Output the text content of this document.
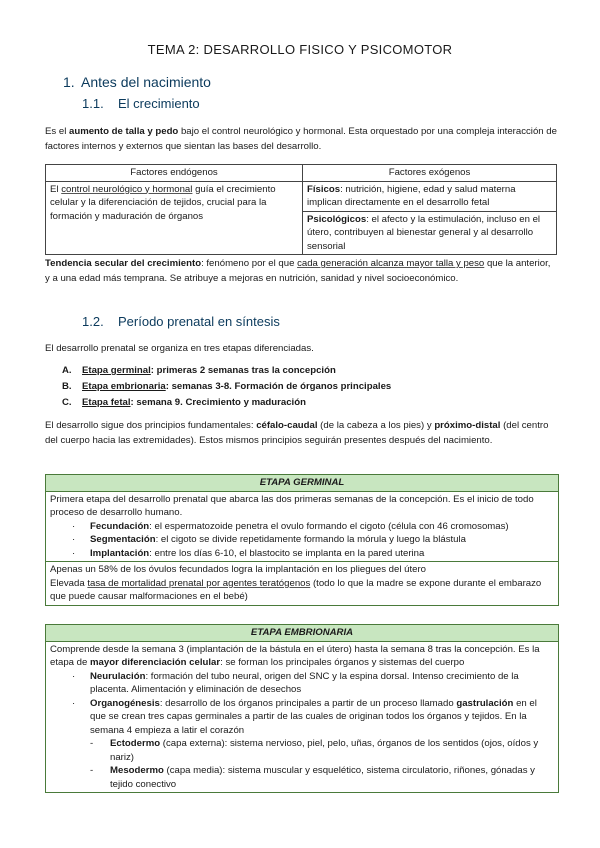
TEMA 2: DESARROLLO FISICO Y PSICOMOTOR
1. Antes del nacimiento
1.1. El crecimiento
Es el aumento de talla y pedo bajo el control neurológico y hormonal. Esta orquestado por una compleja interacción de factores internos y externos que sientan las bases del desarrollo.
Factores endógenos	Factores exógenos
El control neurológico y hormonal guía el crecimiento celular y la diferenciación de tejidos, crucial para la formación y maduración de órganos	Físicos: nutrición, higiene, edad y salud materna implican directamente en el desarrollo fetal
	Psicológicos: el afecto y la estimulación, incluso en el útero, contribuyen al bienestar general y al desarrollo sensorial
Tendencia secular del crecimiento: fenómeno por el que cada generación alcanza mayor talla y peso que la anterior, y a una edad más temprana. Se atribuye a mejoras en nutrición, sanidad y nivel socioeconómico.
1.2. Período prenatal en síntesis
El desarrollo prenatal se organiza en tres etapas diferenciadas.
A.	Etapa germinal: primeras 2 semanas tras la concepción
B.	Etapa embrionaria: semanas 3-8. Formación de órganos principales
C.	Etapa fetal: semana 9. Crecimiento y maduración
El desarrollo sigue dos principios fundamentales: céfalo-caudal (de la cabeza a los pies) y próximo-distal (del centro del cuerpo hacia las extremidades). Estos mismos principios seguirán presentes después del nacimiento.
ETAPA GERMINAL
Primera etapa del desarrollo prenatal que abarca las dos primeras semanas de la concepción. Es el inicio de todo proceso de desarrollo humano.
·	Fecundación: el espermatozoide penetra el ovulo formando el cigoto (célula con 46 cromosomas)
·	Segmentación: el cigoto se divide repetidamente formando la mórula y luego la blástula
·	Implantación: entre los días 6-10, el blastocito se implanta en la pared uterina
Apenas un 58% de los óvulos fecundados logra la implantación en los pliegues del útero
Elevada tasa de mortalidad prenatal por agentes teratógenos (todo lo que la madre se expone durante el embarazo que puede causar malformaciones en el bebé)
ETAPA EMBRIONARIA
Comprende desde la semana 3 (implantación de la bástula en el útero) hasta la semana 8 tras la concepción. Es la etapa de mayor diferenciación celular: se forman los principales órganos y sistemas del cuerpo
·	Neurulación: formación del tubo neural, origen del SNC y la espina dorsal. Intenso crecimiento de la placenta. Alimentación y eliminación de desechos
·	Organogénesis: desarrollo de los órganos principales a partir de un proceso llamado gastrulación en el que se crean tres capas germinales a partir de las cuales de originan todos los órganos y tejidos. En la semana 4 empieza a latir el corazón
-	Ectodermo (capa externa): sistema nervioso, piel, pelo, uñas, órganos de los sentidos (ojos, oídos y nariz)
-	Mesodermo (capa media): sistema muscular y esquelético, sistema circulatorio, riñones, gónadas y tejido conectivo
